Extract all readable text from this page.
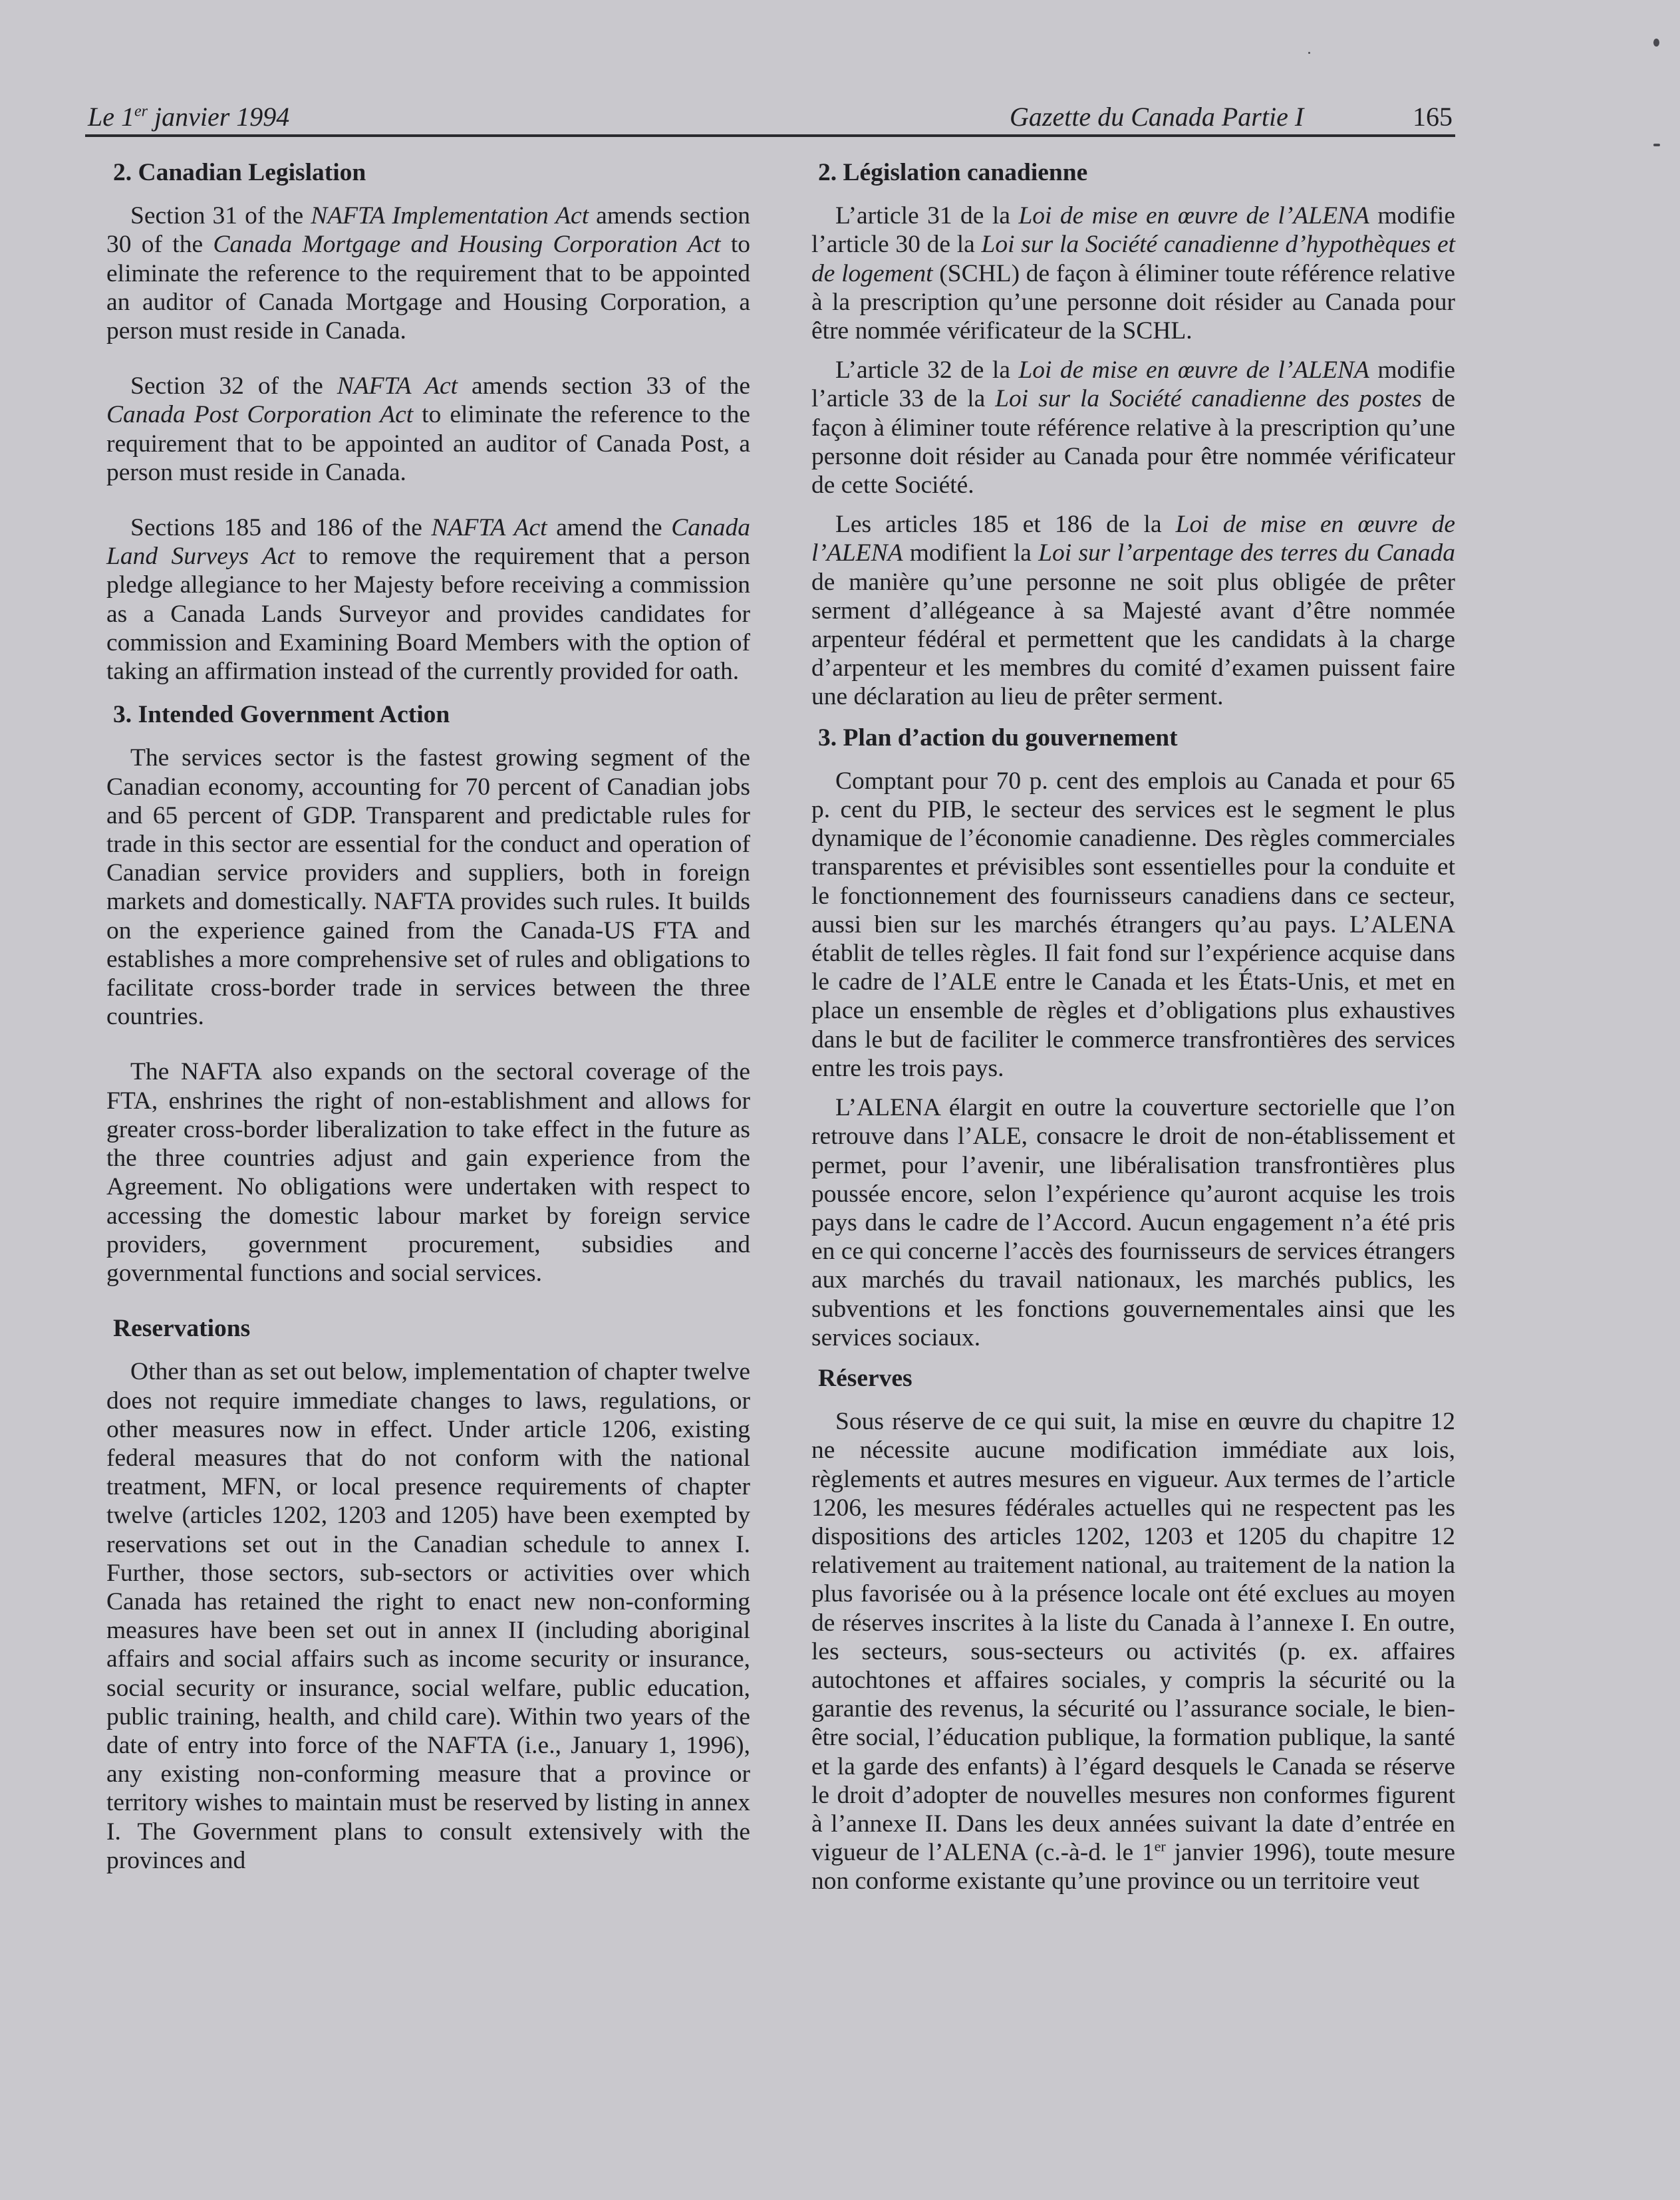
Le 1er janvier 1994	Gazette du Canada Partie I	165
2. Canadian Legislation

Section 31 of the NAFTA Implementation Act amends section 30 of the Canada Mortgage and Housing Corporation Act to eliminate the reference to the requirement that to be appointed an auditor of Canada Mortgage and Housing Corporation, a person must reside in Canada.

Section 32 of the NAFTA Act amends section 33 of the Canada Post Corporation Act to eliminate the reference to the requirement that to be appointed an auditor of Canada Post, a person must reside in Canada.

Sections 185 and 186 of the NAFTA Act amend the Canada Land Surveys Act to remove the requirement that a person pledge allegiance to her Majesty before receiving a commission as a Canada Lands Surveyor and provides candidates for commission and Examining Board Members with the option of taking an affirmation instead of the currently provided for oath.

3. Intended Government Action

The services sector is the fastest growing segment of the Canadian economy, accounting for 70 percent of Canadian jobs and 65 percent of GDP. Transparent and predictable rules for trade in this sector are essential for the conduct and operation of Canadian service providers and suppliers, both in foreign markets and domestically. NAFTA provides such rules. It builds on the experience gained from the Canada-US FTA and establishes a more comprehensive set of rules and obligations to facilitate cross-border trade in services between the three countries.

The NAFTA also expands on the sectoral coverage of the FTA, enshrines the right of non-establishment and allows for greater cross-border liberalization to take effect in the future as the three countries adjust and gain experience from the Agreement. No obligations were undertaken with respect to accessing the domestic labour market by foreign service providers, government procurement, subsidies and governmental functions and social services.

Reservations

Other than as set out below, implementation of chapter twelve does not require immediate changes to laws, regulations, or other measures now in effect. Under article 1206, existing federal measures that do not conform with the national treatment, MFN, or local presence requirements of chapter twelve (articles 1202, 1203 and 1205) have been exempted by reservations set out in the Canadian schedule to annex I. Further, those sectors, sub-sectors or activities over which Canada has retained the right to enact new non-conforming measures have been set out in annex II (including aboriginal affairs and social affairs such as income security or insurance, social security or insurance, social welfare, public education, public training, health, and child care). Within two years of the date of entry into force of the NAFTA (i.e., January 1, 1996), any existing non-conforming measure that a province or territory wishes to maintain must be reserved by listing in annex I. The Government plans to consult extensively with the provinces and

2. Législation canadienne

L’article 31 de la Loi de mise en œuvre de l’ALENA modifie l’article 30 de la Loi sur la Société canadienne d’hypothèques et de logement (SCHL) de façon à éliminer toute référence relative à la prescription qu’une personne doit résider au Canada pour être nommée vérificateur de la SCHL.

L’article 32 de la Loi de mise en œuvre de l’ALENA modifie l’article 33 de la Loi sur la Société canadienne des postes de façon à éliminer toute référence relative à la prescription qu’une personne doit résider au Canada pour être nommée vérificateur de cette Société.

Les articles 185 et 186 de la Loi de mise en œuvre de l’ALENA modifient la Loi sur l’arpentage des terres du Canada de manière qu’une personne ne soit plus obligée de prêter serment d’allégeance à sa Majesté avant d’être nommée arpenteur fédéral et permettent que les candidats à la charge d’arpenteur et les membres du comité d’examen puissent faire une déclaration au lieu de prêter serment.

3. Plan d’action du gouvernement

Comptant pour 70 p. cent des emplois au Canada et pour 65 p. cent du PIB, le secteur des services est le segment le plus dynamique de l’économie canadienne. Des règles commerciales transparentes et prévisibles sont essentielles pour la conduite et le fonctionnement des fournisseurs canadiens dans ce secteur, aussi bien sur les marchés étrangers qu’au pays. L’ALENA établit de telles règles. Il fait fond sur l’expérience acquise dans le cadre de l’ALE entre le Canada et les États-Unis, et met en place un ensemble de règles et d’obligations plus exhaustives dans le but de faciliter le commerce transfrontières des services entre les trois pays.

L’ALENA élargit en outre la couverture sectorielle que l’on retrouve dans l’ALE, consacre le droit de non-établissement et permet, pour l’avenir, une libéralisation transfrontières plus poussée encore, selon l’expérience qu’auront acquise les trois pays dans le cadre de l’Accord. Aucun engagement n’a été pris en ce qui concerne l’accès des fournisseurs de services étrangers aux marchés du travail nationaux, les marchés publics, les subventions et les fonctions gouvernementales ainsi que les services sociaux.

Réserves

Sous réserve de ce qui suit, la mise en œuvre du chapitre 12 ne nécessite aucune modification immédiate aux lois, règlements et autres mesures en vigueur. Aux termes de l’article 1206, les mesures fédérales actuelles qui ne respectent pas les dispositions des articles 1202, 1203 et 1205 du chapitre 12 relativement au traitement national, au traitement de la nation la plus favorisée ou à la présence locale ont été exclues au moyen de réserves inscrites à la liste du Canada à l’annexe I. En outre, les secteurs, sous-secteurs ou activités (p. ex. affaires autochtones et affaires sociales, y compris la sécurité ou la garantie des revenus, la sécurité ou l’assurance sociale, le bien-être social, l’éducation publique, la formation publique, la santé et la garde des enfants) à l’égard desquels le Canada se réserve le droit d’adopter de nouvelles mesures non conformes figurent à l’annexe II. Dans les deux années suivant la date d’entrée en vigueur de l’ALENA (c.-à-d. le 1er janvier 1996), toute mesure non conforme existante qu’une province ou un territoire veut
